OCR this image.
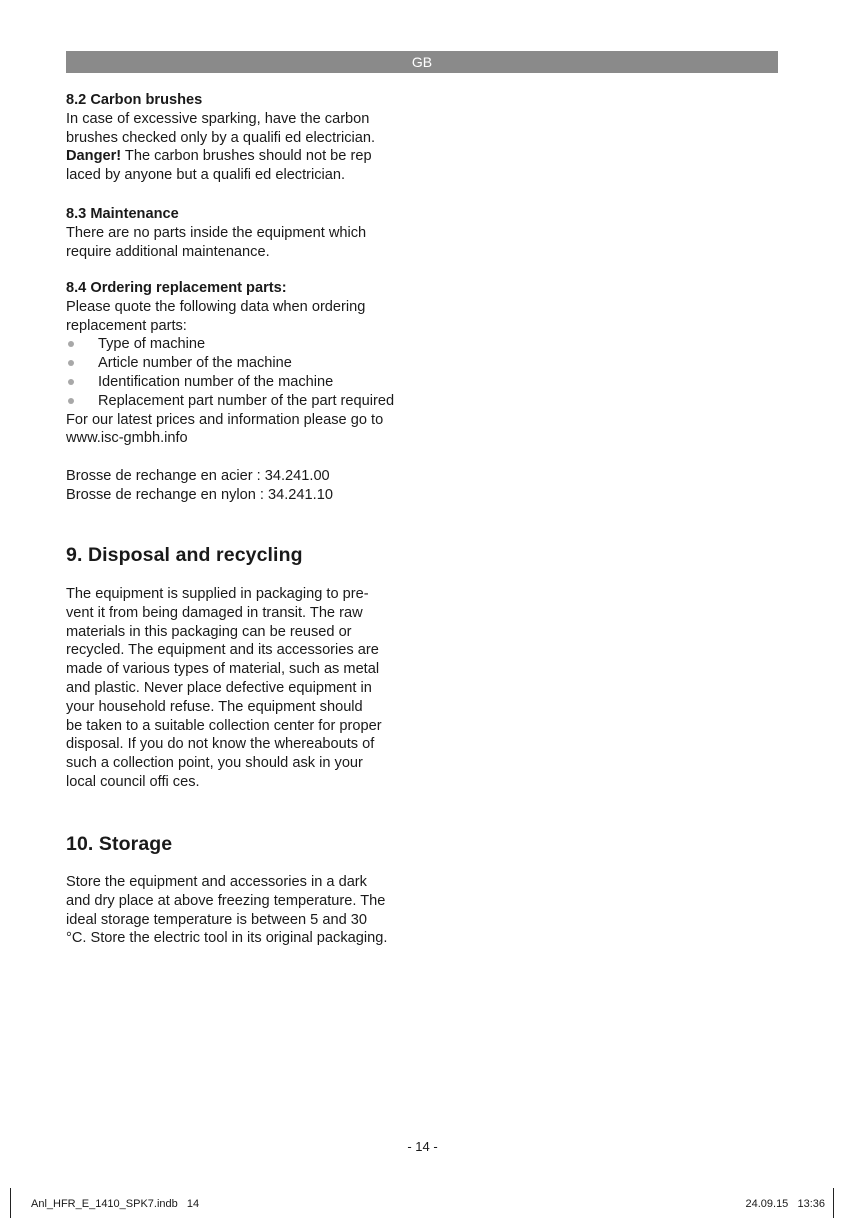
GB

8.2 Carbon brushes

In case of excessive sparking, have the carbon

brushes checked only by a qualifi ed electrician.

Danger! The carbon brushes should not be rep

laced by anyone but a qualifi ed electrician.

8.3 Maintenance

There are no parts inside the equipment which

require additional maintenance.

8.4 Ordering replacement parts:

Please quote the following data when ordering

replacement parts:

Type of machine
Article number of the machine
Identification number of the machine
Replacement part number of the part required

For our latest prices and information please go to

www.isc-gmbh.info

Brosse de rechange en acier : 34.241.00

Brosse de rechange en nylon : 34.241.10

9. Disposal and recycling

The equipment is supplied in packaging to pre-

vent it from being damaged in transit. The raw

materials in this packaging can be reused or

recycled. The equipment and its accessories are

made of various types of material, such as metal

and plastic. Never place defective equipment in

your household refuse. The equipment should

be taken to a suitable collection center for proper

disposal. If you do not know the whereabouts of

such a collection point, you should ask in your

local council offi ces.

10. Storage

Store the equipment and accessories in a dark

and dry place at above freezing temperature. The

ideal storage temperature is between 5 and 30

°C. Store the electric tool in its original packaging.

- 14 -
Anl_HFR_E_1410_SPK7.indb   14	24.09.15   13:36
